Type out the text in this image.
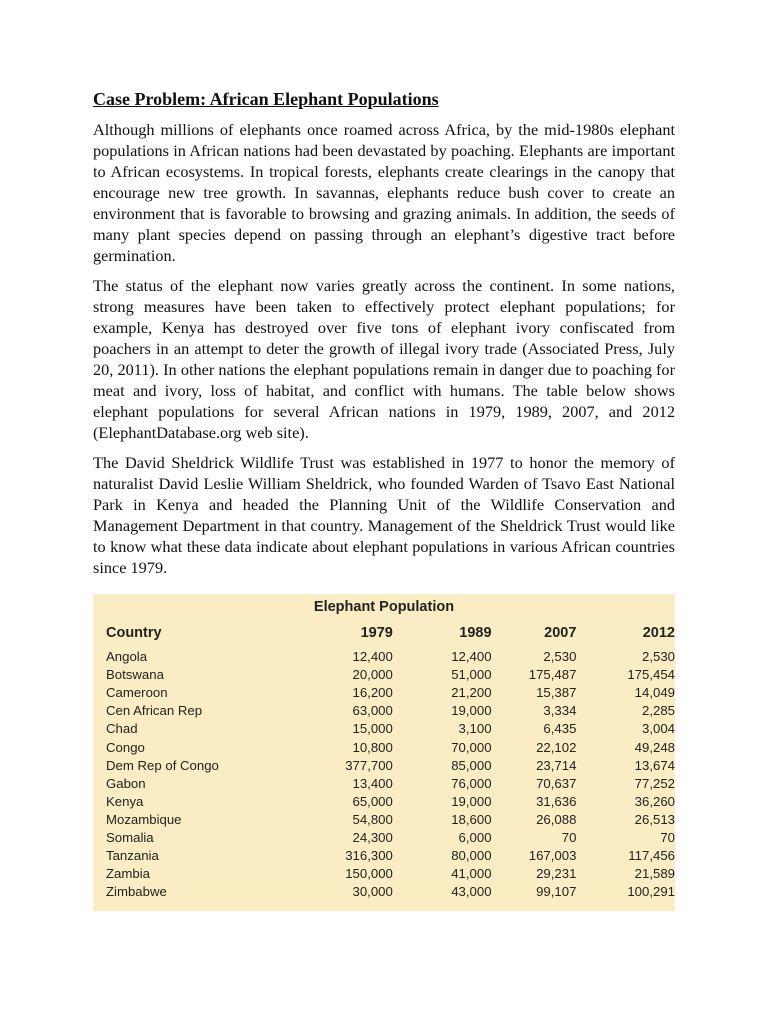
Case Problem: African Elephant Populations

Although millions of elephants once roamed across Africa, by the mid-1980s elephant populations in African nations had been devastated by poaching. Elephants are important to African ecosystems. In tropical forests, elephants create clearings in the canopy that encourage new tree growth. In savannas, elephants reduce bush cover to create an environment that is favorable to browsing and grazing animals. In addition, the seeds of many plant species depend on passing through an elephant’s digestive tract before germination.

The status of the elephant now varies greatly across the continent. In some nations, strong measures have been taken to effectively protect elephant populations; for example, Kenya has destroyed over five tons of elephant ivory confiscated from poachers in an attempt to deter the growth of illegal ivory trade (Associated Press, July 20, 2011). In other nations the elephant populations remain in danger due to poaching for meat and ivory, loss of habitat, and conflict with humans. The table below shows elephant populations for several African nations in 1979, 1989, 2007, and 2012 (ElephantDatabase.org web site).

The David Sheldrick Wildlife Trust was established in 1977 to honor the memory of naturalist David Leslie William Sheldrick, who founded Warden of Tsavo East National Park in Kenya and headed the Planning Unit of the Wildlife Conservation and Management Department in that country. Management of the Sheldrick Trust would like to know what these data indicate about elephant populations in various African countries since 1979.

Elephant Population
Country	1979	1989	2007	2012
Angola	12,400	12,400	2,530	2,530
Botswana	20,000	51,000	175,487	175,454
Cameroon	16,200	21,200	15,387	14,049
Cen African Rep	63,000	19,000	3,334	2,285
Chad	15,000	3,100	6,435	3,004
Congo	10,800	70,000	22,102	49,248
Dem Rep of Congo	377,700	85,000	23,714	13,674
Gabon	13,400	76,000	70,637	77,252
Kenya	65,000	19,000	31,636	36,260
Mozambique	54,800	18,600	26,088	26,513
Somalia	24,300	6,000	70	70
Tanzania	316,300	80,000	167,003	117,456
Zambia	150,000	41,000	29,231	21,589
Zimbabwe	30,000	43,000	99,107	100,291
